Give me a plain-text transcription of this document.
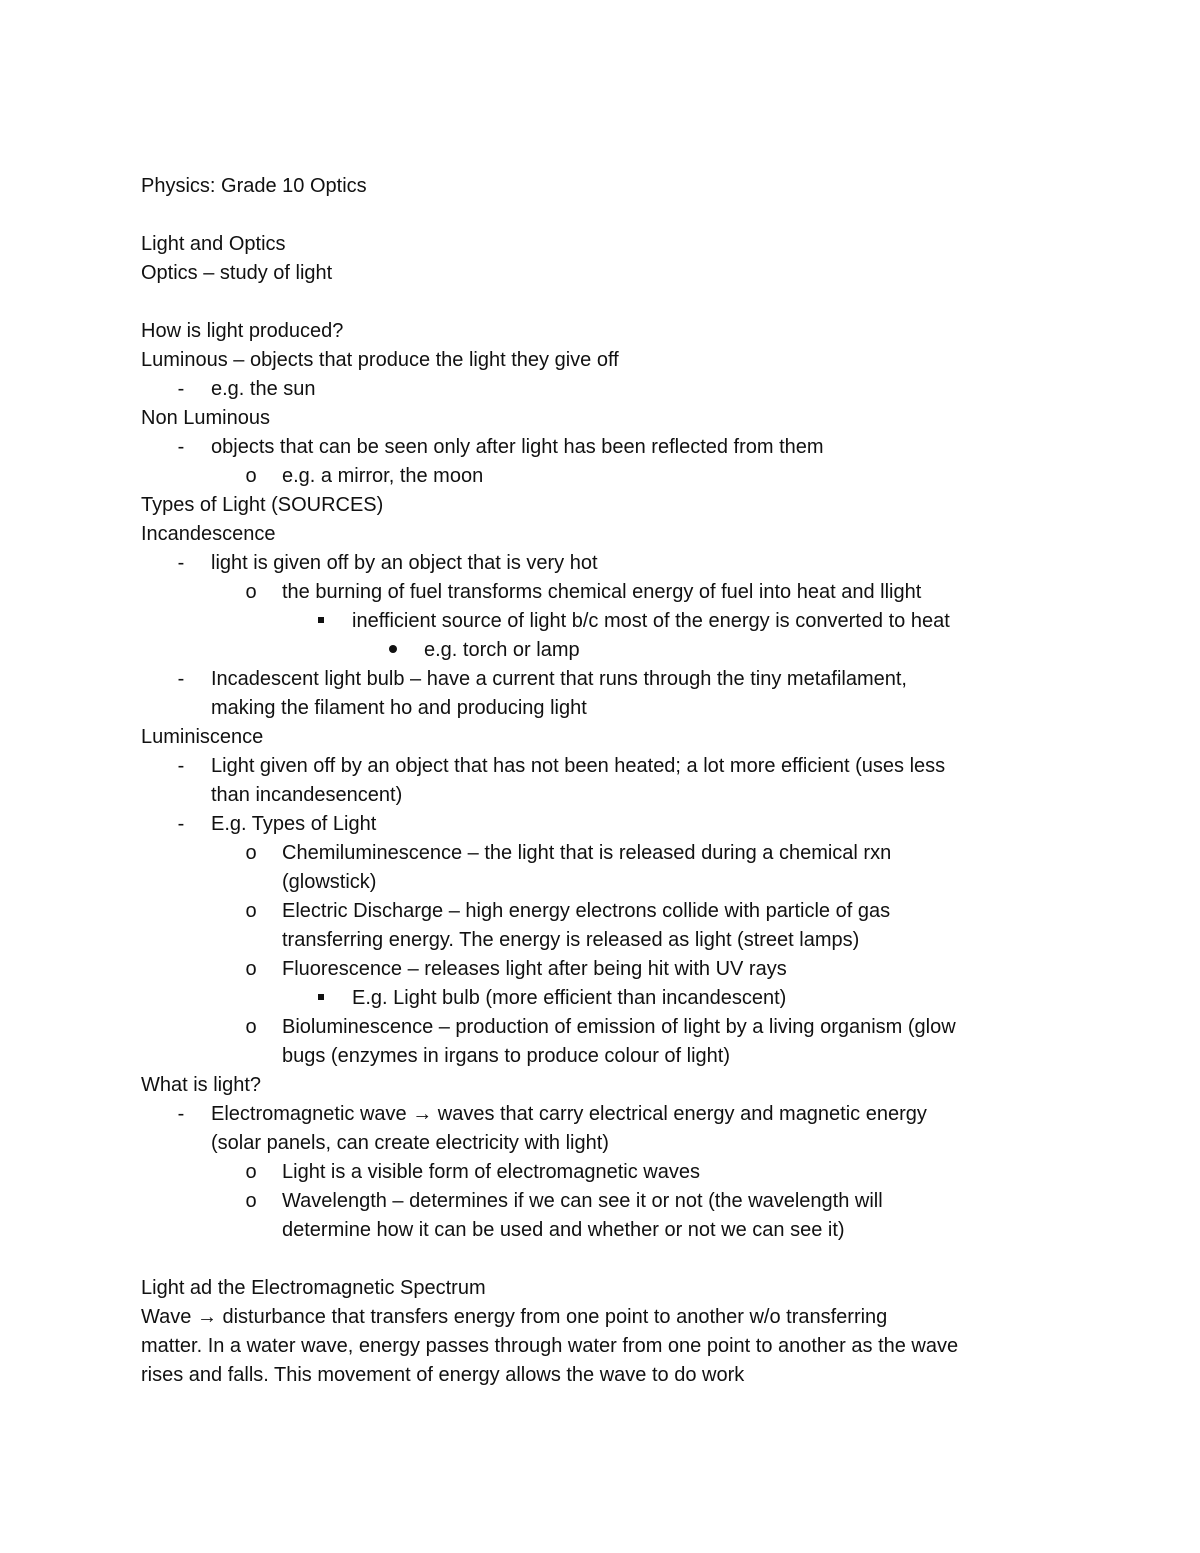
Physics: Grade 10 Optics
Light and Optics
Optics – study of light
How is light produced?
Luminous – objects that produce the light they give off
-
e.g. the sun
Non Luminous
-
objects that can be seen only after light has been reflected from them
o
e.g. a mirror, the moon
Types of Light (SOURCES)
Incandescence
-
light is given off by an object that is very hot
o
the burning of fuel transforms chemical energy of fuel into heat and llight
inefficient source of light b/c most of the energy is converted to heat
e.g. torch or lamp
-
Incadescent light bulb – have a current that runs through the tiny metafilament,
making the filament ho and producing light
Luminiscence
-
Light given off by an object that has not been heated; a lot more efficient (uses less
than incandesencent)
-
E.g. Types of Light
o
Chemiluminescence – the light that is released during a chemical rxn
(glowstick)
o
Electric Discharge – high energy electrons collide with particle of gas
transferring energy. The energy is released as light (street lamps)
o
Fluorescence – releases light after being hit with UV rays
E.g. Light bulb (more efficient than incandescent)
o
Bioluminescence – production of emission of light by a living organism (glow
bugs (enzymes in irgans to produce colour of light)
What is light?
-
Electromagnetic wave → waves that carry electrical energy and magnetic energy
(solar panels, can create electricity with light)
o
Light is a visible form of electromagnetic waves
o
Wavelength – determines if we can see it or not (the wavelength will
determine how it can be used and whether or not we can see it)
Light ad the Electromagnetic Spectrum
Wave → disturbance that transfers energy from one point to another w/o transferring
matter. In a water wave, energy passes through water from one point to another as the wave
rises and falls. This movement of energy allows the wave to do work
